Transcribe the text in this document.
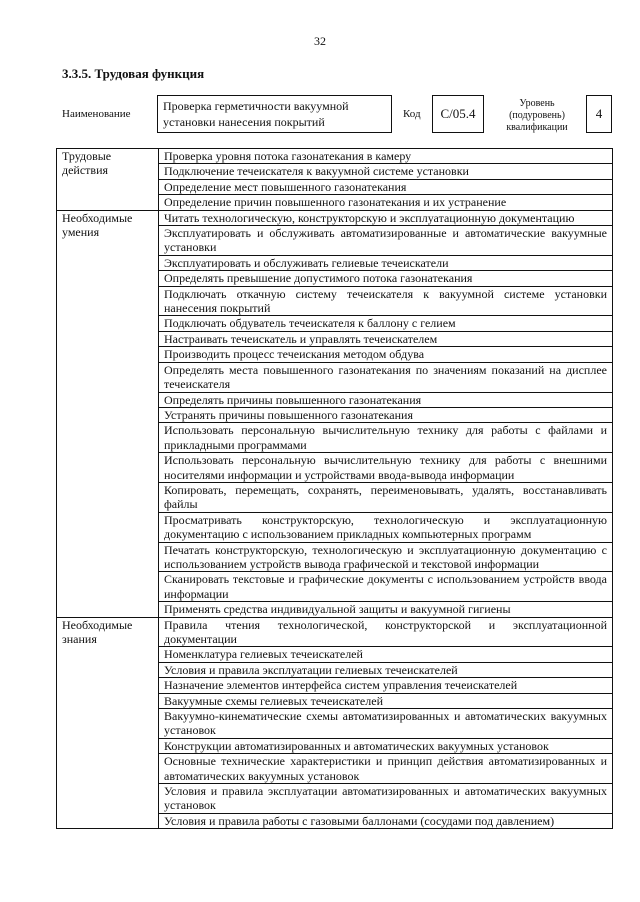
32
3.3.5. Трудовая функция
Наименование
Проверка герметичности вакуумной установки нанесения покрытий
Код C/05.4
Уровень (подуровень) квалификации
4
Трудовые действия	Проверка уровня потока газонатекания в камеру
	Подключение течеискателя к вакуумной системе установки
	Определение мест повышенного газонатекания
	Определение причин повышенного газонатекания и их устранение
Необходимые умения	Читать технологическую, конструкторскую и эксплуатационную документацию
	Эксплуатировать и обслуживать автоматизированные и автоматические вакуумные установки
	Эксплуатировать и обслуживать гелиевые течеискатели
	Определять превышение допустимого потока газонатекания
	Подключать откачную систему течеискателя к вакуумной системе установки нанесения покрытий
	Подключать обдуватель течеискателя к баллону с гелием
	Настраивать течеискатель и управлять течеискателем
	Производить процесс течеискания методом обдува
	Определять места повышенного газонатекания по значениям показаний на дисплее течеискателя
	Определять причины повышенного газонатекания
	Устранять причины повышенного газонатекания
	Использовать персональную вычислительную технику для работы с файлами и прикладными программами
	Использовать персональную вычислительную технику для работы с внешними носителями информации и устройствами ввода-вывода информации
	Копировать, перемещать, сохранять, переименовывать, удалять, восстанавливать файлы
	Просматривать конструкторскую, технологическую и эксплуатационную документацию с использованием прикладных компьютерных программ
	Печатать конструкторскую, технологическую и эксплуатационную документацию с использованием устройств вывода графической и текстовой информации
	Сканировать текстовые и графические документы с использованием устройств ввода информации
	Применять средства индивидуальной защиты и вакуумной гигиены
Необходимые знания	Правила чтения технологической, конструкторской и эксплуатационной документации
	Номенклатура гелиевых течеискателей
	Условия и правила эксплуатации гелиевых течеискателей
	Назначение элементов интерфейса систем управления течеискателей
	Вакуумные схемы гелиевых течеискателей
	Вакуумно-кинематические схемы автоматизированных и автоматических вакуумных установок
	Конструкции автоматизированных и автоматических вакуумных установок
	Основные технические характеристики и принцип действия автоматизированных и автоматических вакуумных установок
	Условия и правила эксплуатации автоматизированных и автоматических вакуумных установок
	Условия и правила работы с газовыми баллонами (сосудами под давлением)
